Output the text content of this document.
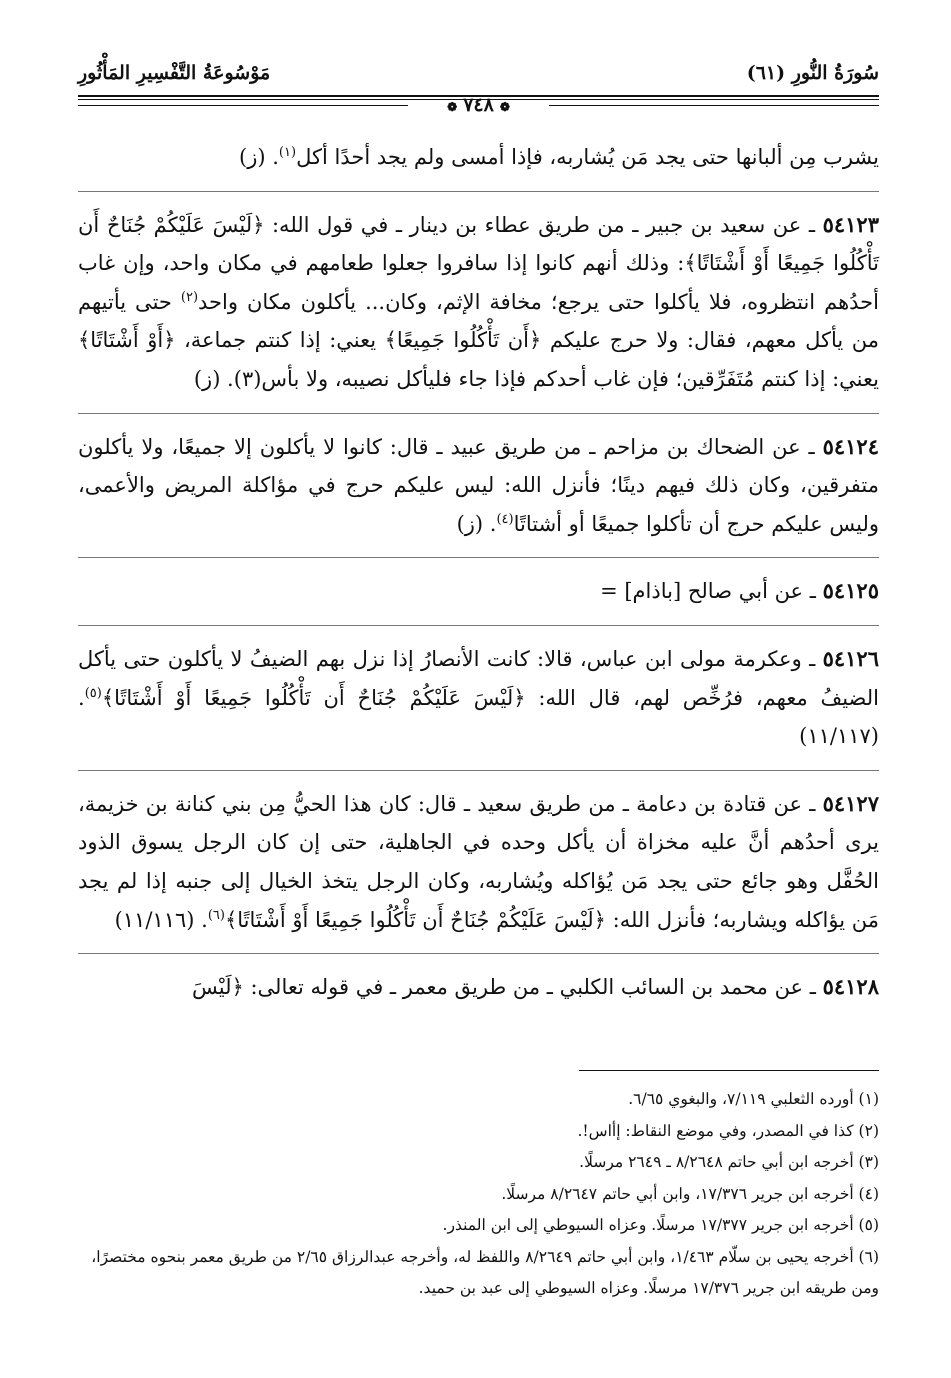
سُورَةُ النُّورِ (٦١)
مَوْسُوعَةُ التَّفْسِيرِ المَأْثُورِ
❁ ٧٤٨ ❁

يشرب مِن ألبانها حتى يجد مَن يُشاربه، فإذا أمسى ولم يجد أحدًا أكل$^{(١)}$. (ز)

٥٤١٢٣ ـ عن سعيد بن جبير ـ من طريق عطاء بن دينار ـ في قول الله: ﴿لَيْسَ عَلَيْكُمْ جُنَاحٌ أَن تَأْكُلُوا جَمِيعًا أَوْ أَشْتَاتًا﴾: وذلك أنهم كانوا إذا سافروا جعلوا طعامهم في مكان واحد، وإن غاب أحدُهم انتظروه، فلا يأكلوا حتى يرجع؛ مخافة الإثم، وكان... يأكلون مكان واحد$^{(٢)}$ حتى يأتيهم من يأكل معهم، فقال: ولا حرج عليكم ﴿أَن تَأْكُلُوا جَمِيعًا﴾ يعني: إذا كنتم جماعة، ﴿أَوْ أَشْتَاتًا﴾ يعني: إذا كنتم مُتَفَرِّقين؛ فإن غاب أحدكم فإذا جاء فليأكل نصيبه، ولا بأس(٣). (ز)

٥٤١٢٤ ـ عن الضحاك بن مزاحم ـ من طريق عبيد ـ قال: كانوا لا يأكلون إلا جميعًا، ولا يأكلون متفرقين، وكان ذلك فيهم دينًا؛ فأنزل الله: ليس عليكم حرج في مؤاكلة المريض والأعمى، وليس عليكم حرج أن تأكلوا جميعًا أو أشتاتًا$^{(٤)}$. (ز)

٥٤١٢٥ ـ عن أبي صالح [باذام] =

٥٤١٢٦ ـ وعكرمة مولى ابن عباس، قالا: كانت الأنصارُ إذا نزل بهم الضيفُ لا يأكلون حتى يأكل الضيفُ معهم، فرُخِّص لهم، قال الله: ﴿لَيْسَ عَلَيْكُمْ جُنَاحٌ أَن تَأْكُلُوا جَمِيعًا أَوْ أَشْتَاتًا﴾$^{(٥)}$. (١١/١١٧)

٥٤١٢٧ ـ عن قتادة بن دعامة ـ من طريق سعيد ـ قال: كان هذا الحيُّ مِن بني كنانة بن خزيمة، يرى أحدُهم أنَّ عليه مخزاة أن يأكل وحده في الجاهلية، حتى إن كان الرجل يسوق الذود الحُفَّل وهو جائع حتى يجد مَن يُؤاكله ويُشاربه، وكان الرجل يتخذ الخيال إلى جنبه إذا لم يجد مَن يؤاكله ويشاربه؛ فأنزل الله: ﴿لَيْسَ عَلَيْكُمْ جُنَاحٌ أَن تَأْكُلُوا جَمِيعًا أَوْ أَشْتَاتًا﴾$^{(٦)}$. (١١/١١٦)

٥٤١٢٨ ـ عن محمد بن السائب الكلبي ـ من طريق معمر ـ في قوله تعالى: ﴿لَيْسَ

(١) أورده الثعلبي ٧/١١٩، والبغوي ٦/٦٥.
(٢) كذا في المصدر، وفي موضع النقاط: إأاس!.
(٣) أخرجه ابن أبي حاتم ٨/٢٦٤٨ ـ ٢٦٤٩ مرسلًا.
(٤) أخرجه ابن جرير ١٧/٣٧٦، وابن أبي حاتم ٨/٢٦٤٧ مرسلًا.
(٥) أخرجه ابن جرير ١٧/٣٧٧ مرسلًا. وعزاه السيوطي إلى ابن المنذر.
(٦) أخرجه يحيى بن سلّام ١/٤٦٣، وابن أبي حاتم ٨/٢٦٤٩ واللفظ له، وأخرجه عبدالرزاق ٢/٦٥ من طريق معمر بنحوه مختصرًا، ومن طريقه ابن جرير ١٧/٣٧٦ مرسلًا. وعزاه السيوطي إلى عبد بن حميد.
